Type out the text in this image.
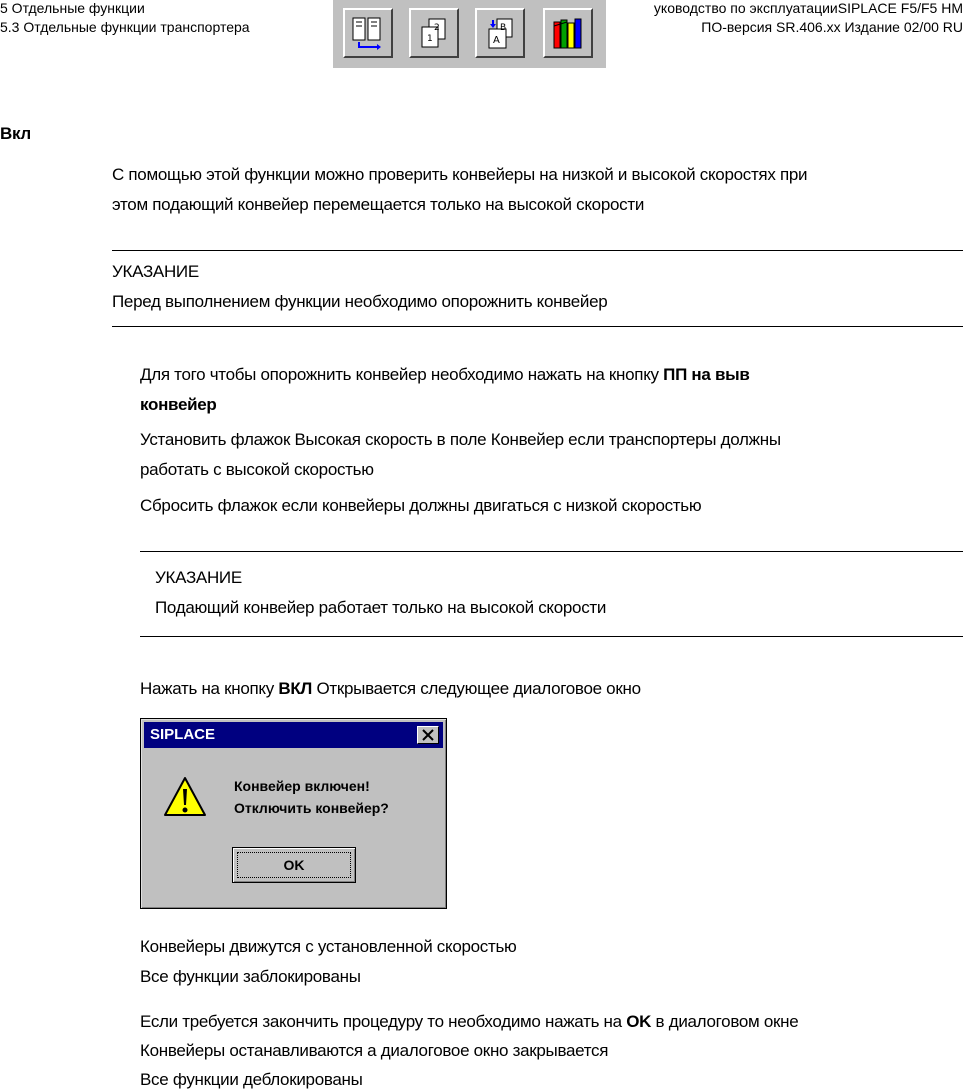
5 Отдельные функции
5.3 Отдельные функции транспортера
уководство по эксплуатацииSIPLACE F5/F5 HM
ПО-версия SR.406.xx Издание 02/00 RU
2
1
B
A
Вкл
С помощью этой функции можно проверить конвейеры на низкой и высокой скоростях при
этом подающий конвейер перемещается только на высокой скорости
УКАЗАНИЕ
Перед выполнением функции необходимо опорожнить конвейер
Для того чтобы опорожнить конвейер необходимо нажать на кнопку ПП на выв
конвейер
Установить флажок Высокая скорость в поле Конвейер если транспортеры должны
работать с высокой скоростью
Сбросить флажок если конвейеры должны двигаться с низкой скоростью
УКАЗАНИЕ
Подающий конвейер работает только на высокой скорости
Нажать на кнопку ВКЛ Открывается следующее диалоговое окно
SIPLACE
Конвейер включен!
Отключить конвейер?
OK
Конвейеры движутся с установленной скоростью
Все функции заблокированы
Если требуется закончить процедуру то необходимо нажать на OK в диалоговом окне
Конвейеры останавливаются а диалоговое окно закрывается
Все функции деблокированы
